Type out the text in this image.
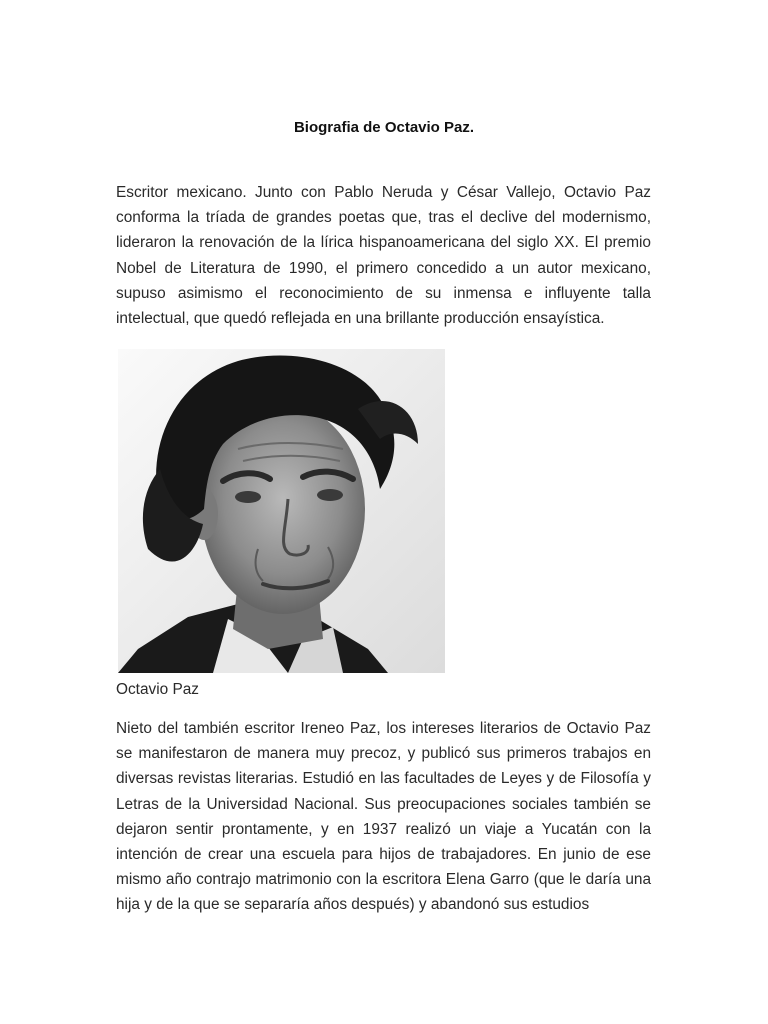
Biografia de Octavio Paz.
Escritor mexicano. Junto con Pablo Neruda y César Vallejo, Octavio Paz conforma la tríada de grandes poetas que, tras el declive del modernismo, lideraron la renovación de la lírica hispanoamericana del siglo XX. El premio Nobel de Literatura de 1990, el primero concedido a un autor mexicano, supuso asimismo el reconocimiento de su inmensa e influyente talla intelectual, que quedó reflejada en una brillante producción ensayística.
Octavio Paz
Nieto del también escritor Ireneo Paz, los intereses literarios de Octavio Paz se manifestaron de manera muy precoz, y publicó sus primeros trabajos en diversas revistas literarias. Estudió en las facultades de Leyes y de Filosofía y Letras de la Universidad Nacional. Sus preocupaciones sociales también se dejaron sentir prontamente, y en 1937 realizó un viaje a Yucatán con la intención de crear una escuela para hijos de trabajadores. En junio de ese mismo año contrajo matrimonio con la escritora Elena Garro (que le daría una hija y de la que se separaría años después) y abandonó sus estudios
